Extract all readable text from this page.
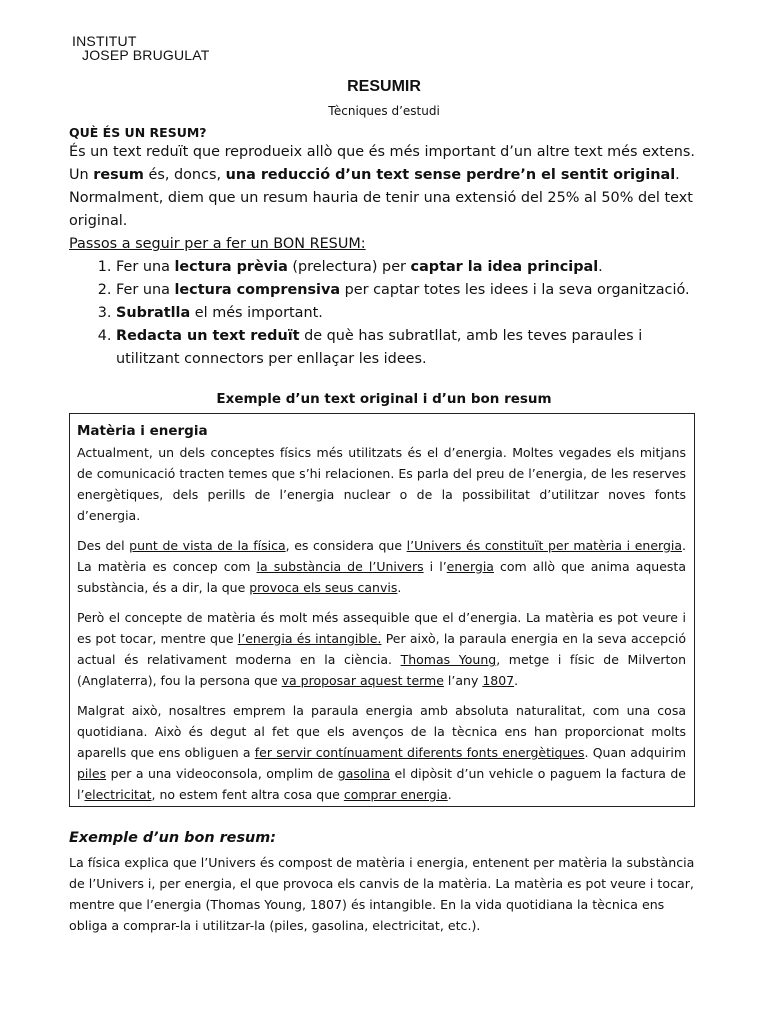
INSTITUT
JOSEP BRUGULAT
RESUMIR
Tècniques d’estudi

QUÈ ÉS UN RESUM?

És un text reduït que reprodueix allò que és més important d’un altre text més extens. Un resum és, doncs, una reducció d’un text sense perdre’n el sentit original.

Normalment, diem que un resum hauria de tenir una extensió del 25% al 50% del text original.

Passos a seguir per a fer un BON RESUM:

1. Fer una lectura prèvia (prelectura) per captar la idea principal.
2. Fer una lectura comprensiva per captar totes les idees i la seva organització.
3. Subratlla el més important.
4. Redacta un text reduït de què has subratllat, amb les teves paraules i utilitzant connectors per enllaçar les idees.
Exemple d’un text original i d’un bon resum

Matèria i energia

Actualment, un dels conceptes físics més utilitzats és el d’energia. Moltes vegades els mitjans de comunicació tracten temes que s’hi relacionen. Es parla del preu de l’energia, de les reserves energètiques, dels perills de l’energia nuclear o de la possibilitat d’utilitzar noves fonts d’energia.

Des del punt de vista de la física, es considera que l’Univers és constituït per matèria i energia. La matèria es concep com la substància de l’Univers i l’energia com allò que anima aquesta substància, és a dir, la que provoca els seus canvis.

Però el concepte de matèria és molt més assequible que el d’energia. La matèria es pot veure i es pot tocar, mentre que l’energia és intangible. Per això, la paraula energia en la seva accepció actual és relativament moderna en la ciència. Thomas Young, metge i físic de Milverton (Anglaterra), fou la persona que va proposar aquest terme l’any 1807.

Malgrat això, nosaltres emprem la paraula energia amb absoluta naturalitat, com una cosa quotidiana. Això és degut al fet que els avenços de la tècnica ens han proporcionat molts aparells que ens obliguen a fer servir contínuament diferents fonts energètiques. Quan adquirim piles per a una videoconsola, omplim de gasolina el dipòsit d’un vehicle o paguem la factura de l’electricitat, no estem fent altra cosa que comprar energia.

Exemple d’un bon resum:

La física explica que l’Univers és compost de matèria i energia, entenent per matèria la substància de l’Univers i, per energia, el que provoca els canvis de la matèria. La matèria es pot veure i tocar, mentre que l’energia (Thomas Young, 1807) és intangible. En la vida quotidiana la tècnica ens obliga a comprar-la i utilitzar-la (piles, gasolina, electricitat, etc.).
